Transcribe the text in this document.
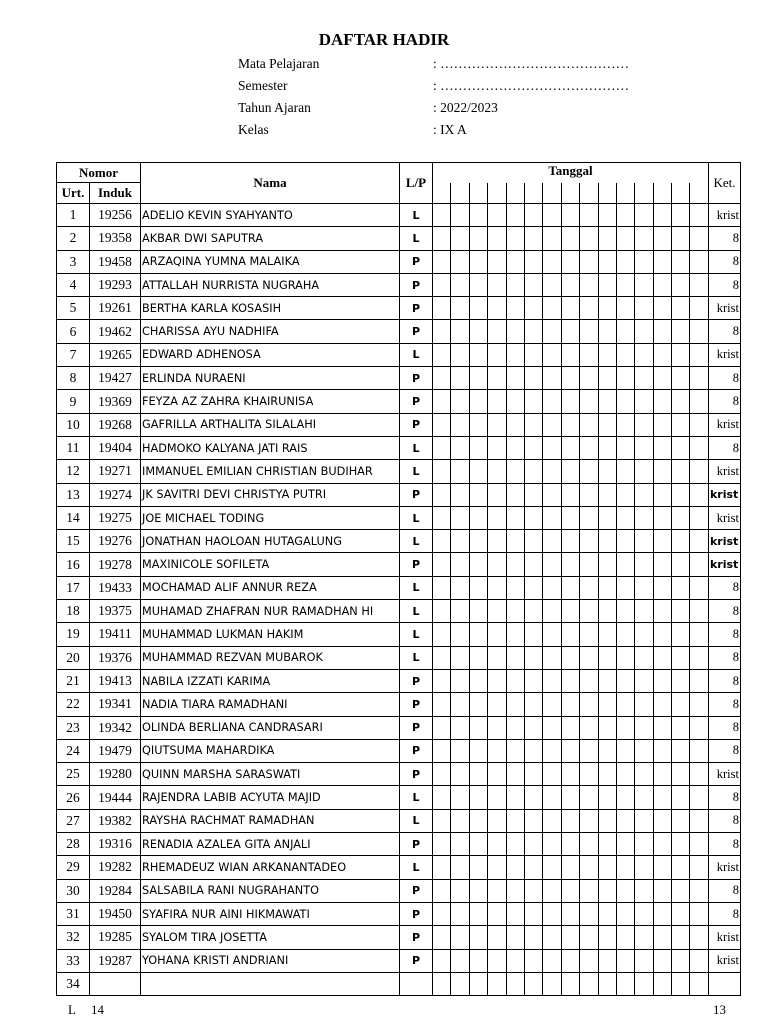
DAFTAR HADIR
Mata Pelajaran	: ……………………………………
Semester	: ……………………………………
Tahun Ajaran	: 2022/2023
Kelas	: IX A
Nomor		Nama	L/P	Tanggal															Ket.
Urt.	Induk																		
1	19256	ADELIO KEVIN SYAHYANTO	L																krist
2	19358	AKBAR DWI SAPUTRA	L																8
3	19458	ARZAQINA YUMNA MALAIKA	P																8
4	19293	ATTALLAH NURRISTA NUGRAHA	P																8
5	19261	BERTHA KARLA KOSASIH	P																krist
6	19462	CHARISSA AYU NADHIFA	P																8
7	19265	EDWARD ADHENOSA	L																krist
8	19427	ERLINDA NURAENI	P																8
9	19369	FEYZA AZ ZAHRA KHAIRUNISA	P																8
10	19268	GAFRILLA ARTHALITA SILALAHI	P																krist
11	19404	HADMOKO KALYANA JATI RAIS	L																8
12	19271	IMMANUEL EMILIAN CHRISTIAN BUDIHAR	L																krist
13	19274	JK SAVITRI DEVI CHRISTYA PUTRI	P																krist
14	19275	JOE MICHAEL TODING	L																krist
15	19276	JONATHAN HAOLOAN HUTAGALUNG	L																krist
16	19278	MAXINICOLE SOFILETA	P																krist
17	19433	MOCHAMAD ALIF ANNUR REZA	L																8
18	19375	MUHAMAD ZHAFRAN NUR RAMADHAN HI	L																8
19	19411	MUHAMMAD LUKMAN HAKIM	L																8
20	19376	MUHAMMAD REZVAN MUBAROK	L																8
21	19413	NABILA IZZATI KARIMA	P																8
22	19341	NADIA TIARA RAMADHANI	P																8
23	19342	OLINDA BERLIANA CANDRASARI	P																8
24	19479	QIUTSUMA MAHARDIKA	P																8
25	19280	QUINN MARSHA SARASWATI	P																krist
26	19444	RAJENDRA LABIB ACYUTA MAJID	L																8
27	19382	RAYSHA RACHMAT RAMADHAN	L																8
28	19316	RENADIA AZALEA GITA ANJALI	P																8
29	19282	RHEMADEUZ WIAN ARKANANTADEO	L																krist
30	19284	SALSABILA RANI NUGRAHANTO	P																8
31	19450	SYAFIRA NUR AINI HIKMAWATI	P																8
32	19285	SYALOM TIRA JOSETTA	P																krist
33	19287	YOHANA KRISTI ANDRIANI	P																krist
34																			
L 14	13
